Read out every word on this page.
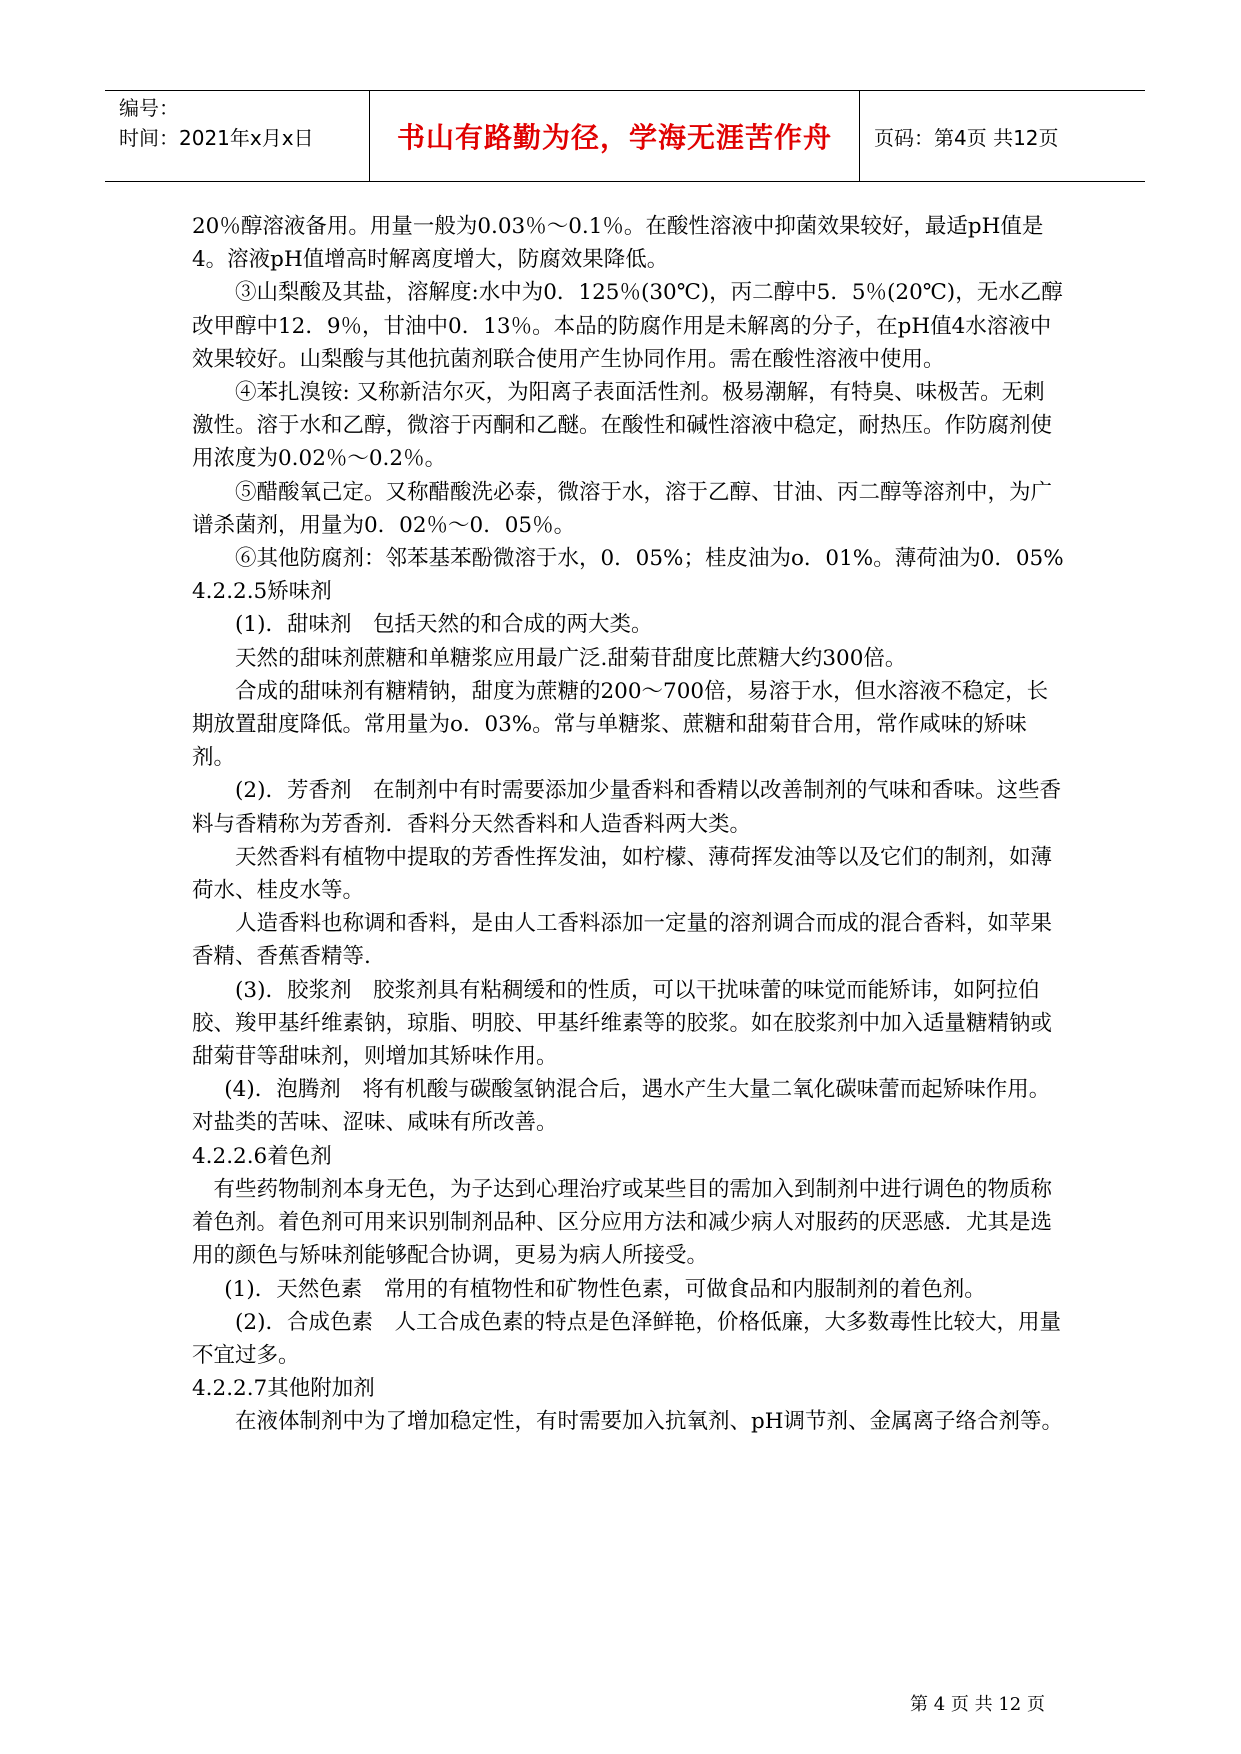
编号：
时间：2021年x月x日	书山有路勤为径，学海无涯苦作舟	页码：第4页 共12页

20％醇溶液备用。用量一般为0.03％～0.1％。在酸性溶液中抑菌效果较好，最适pH值是4。溶液pH值增高时解离度增大，防腐效果降低。

③山梨酸及其盐，溶解度:水中为0．125％(30℃)，丙二醇中5．5％(20℃)，无水乙醇改甲醇中12．9％，甘油中0．13％。本品的防腐作用是未解离的分子，在pH值4水溶液中效果较好。山梨酸与其他抗菌剂联合使用产生协同作用。需在酸性溶液中使用。

④苯扎溴铵: 又称新洁尔灭，为阳离子表面活性剂。极易潮解，有特臭、味极苦。无刺激性。溶于水和乙醇，微溶于丙酮和乙醚。在酸性和碱性溶液中稳定，耐热压。作防腐剂使用浓度为0.02％～0.2％。

⑤醋酸氧己定。又称醋酸洗必泰，微溶于水，溶于乙醇、甘油、丙二醇等溶剂中，为广谱杀菌剂，用量为0．02％～0．05％。

⑥其他防腐剂：邻苯基苯酚微溶于水，0．05%；桂皮油为o．01%。薄荷油为0．05%

4.2.2.5矫味剂

(1)．甜味剂　包括天然的和合成的两大类。

天然的甜味剂蔗糖和单糖浆应用最广泛.甜菊苷甜度比蔗糖大约300倍。

合成的甜味剂有糖精钠，甜度为蔗糖的200～700倍，易溶于水，但水溶液不稳定，长期放置甜度降低。常用量为o．03%。常与单糖浆、蔗糖和甜菊苷合用，常作咸味的矫味剂。

(2)．芳香剂　在制剂中有时需要添加少量香料和香精以改善制剂的气味和香味。这些香料与香精称为芳香剂．香料分天然香料和人造香料两大类。

天然香料有植物中提取的芳香性挥发油，如柠檬、薄荷挥发油等以及它们的制剂，如薄荷水、桂皮水等。

人造香料也称调和香料，是由人工香料添加一定量的溶剂调合而成的混合香料，如苹果香精、香蕉香精等.

(3)．胶浆剂　胶浆剂具有粘稠缓和的性质，可以干扰味蕾的味觉而能矫讳，如阿拉伯胶、羧甲基纤维素钠，琼脂、明胶、甲基纤维素等的胶浆。如在胶浆剂中加入适量糖精钠或甜菊苷等甜味剂，则增加其矫味作用。

(4)．泡腾剂　将有机酸与碳酸氢钠混合后，遇水产生大量二氧化碳味蕾而起矫味作用。对盐类的苦味、涩味、咸味有所改善。

4.2.2.6着色剂

有些药物制剂本身无色，为子达到心理治疗或某些目的需加入到制剂中进行调色的物质称着色剂。着色剂可用来识别制剂品种、区分应用方法和减少病人对服药的厌恶感．尤其是选用的颜色与矫味剂能够配合协调，更易为病人所接受。

(1)．天然色素　常用的有植物性和矿物性色素，可做食品和内服制剂的着色剂。

(2)．合成色素　人工合成色素的特点是色泽鲜艳，价格低廉，大多数毒性比较大，用量不宜过多。

4.2.2.7其他附加剂

在液体制剂中为了增加稳定性，有时需要加入抗氧剂、pH调节剂、金属离子络合剂等。

第 4 页 共 12 页
